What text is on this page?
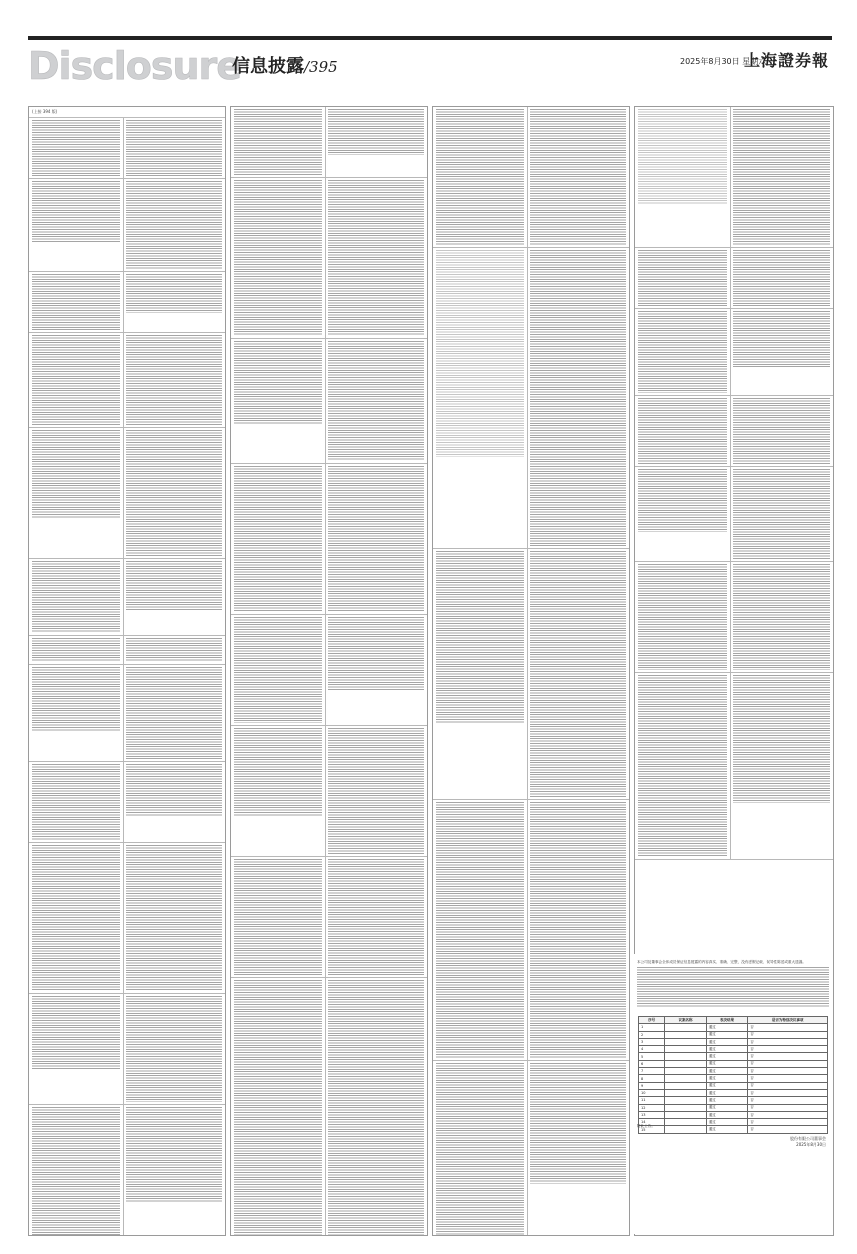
Disclosure
信息披露/395	2025年8月30日 星期六
上海證券報
(上接 394 版)
本公司及董事会全体成员保证信息披露的内容真实、准确、完整，没有虚假记载、误导性陈述或重大遗漏。
序号	议案名称	表决结果	是否为特别决议事项
1		通过	否
2		通过	否
3		通过	否
4		通过	否
5		通过	否
6		通过	否
7		通过	否
8		通过	否
9		通过	否
10		通过	否
11		通过	否
12		通过	否
13		通过	否
14		通过	否
15		通过	否
特此公告。
股份有限公司董事会
2025年8月30日
